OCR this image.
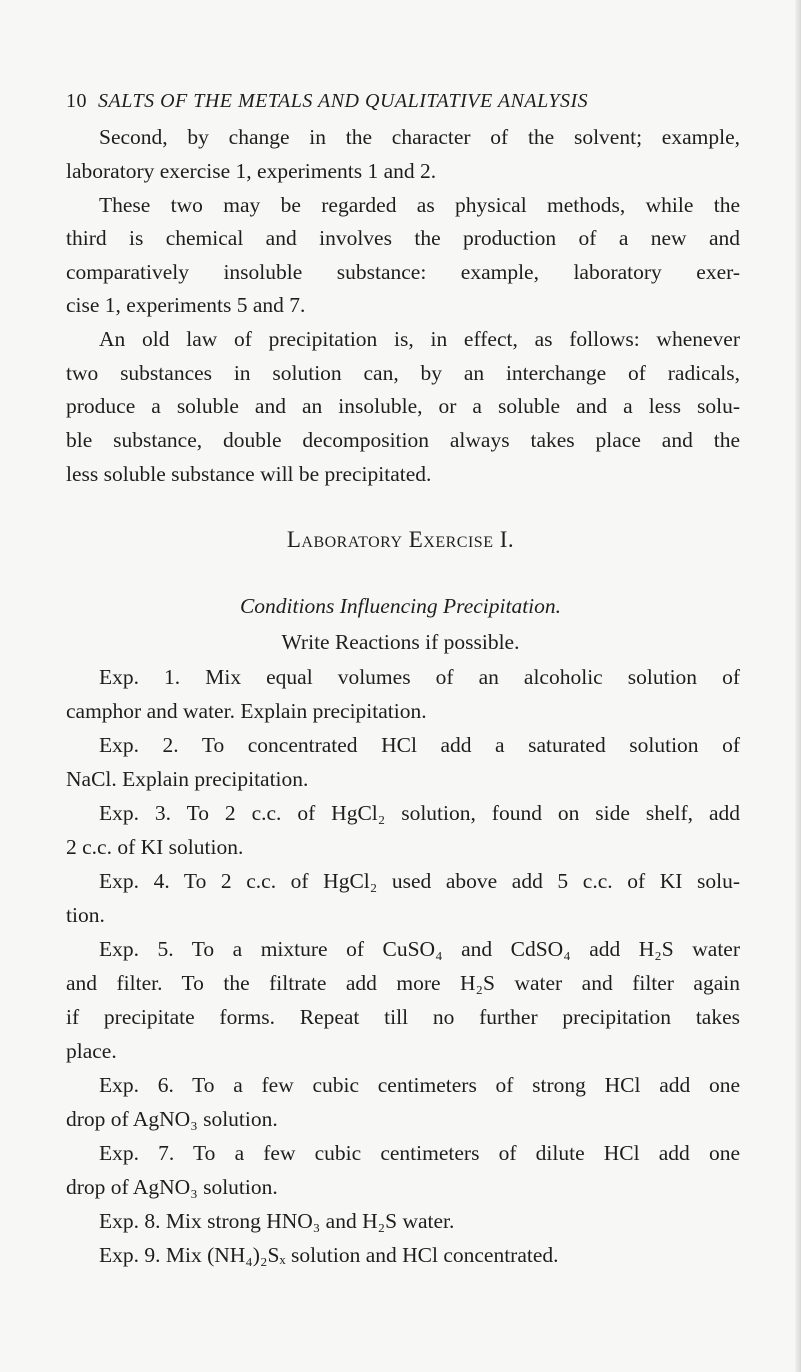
10 SALTS OF THE METALS AND QUALITATIVE ANALYSIS
Second, by change in the character of the solvent; example,
laboratory exercise 1, experiments 1 and 2.
These two may be regarded as physical methods, while the
third is chemical and involves the production of a new and
comparatively insoluble substance: example, laboratory exer-
cise 1, experiments 5 and 7.
An old law of precipitation is, in effect, as follows: whenever
two substances in solution can, by an interchange of radicals,
produce a soluble and an insoluble, or a soluble and a less solu-
ble substance, double decomposition always takes place and the
less soluble substance will be precipitated.
Laboratory Exercise I.
Conditions Influencing Precipitation.
Write Reactions if possible.
Exp. 1. Mix equal volumes of an alcoholic solution of
camphor and water. Explain precipitation.
Exp. 2. To concentrated HCl add a saturated solution of
NaCl. Explain precipitation.
Exp. 3. To 2 c.c. of HgCl₂ solution, found on side shelf, add
2 c.c. of KI solution.
Exp. 4. To 2 c.c. of HgCl₂ used above add 5 c.c. of KI solu-
tion.
Exp. 5. To a mixture of CuSO₄ and CdSO₄ add H₂S water
and filter. To the filtrate add more H₂S water and filter again
if precipitate forms. Repeat till no further precipitation takes
place.
Exp. 6. To a few cubic centimeters of strong HCl add one
drop of AgNO₃ solution.
Exp. 7. To a few cubic centimeters of dilute HCl add one
drop of AgNO₃ solution.
Exp. 8. Mix strong HNO₃ and H₂S water.
Exp. 9. Mix (NH₄)₂Sₓ solution and HCl concentrated.
